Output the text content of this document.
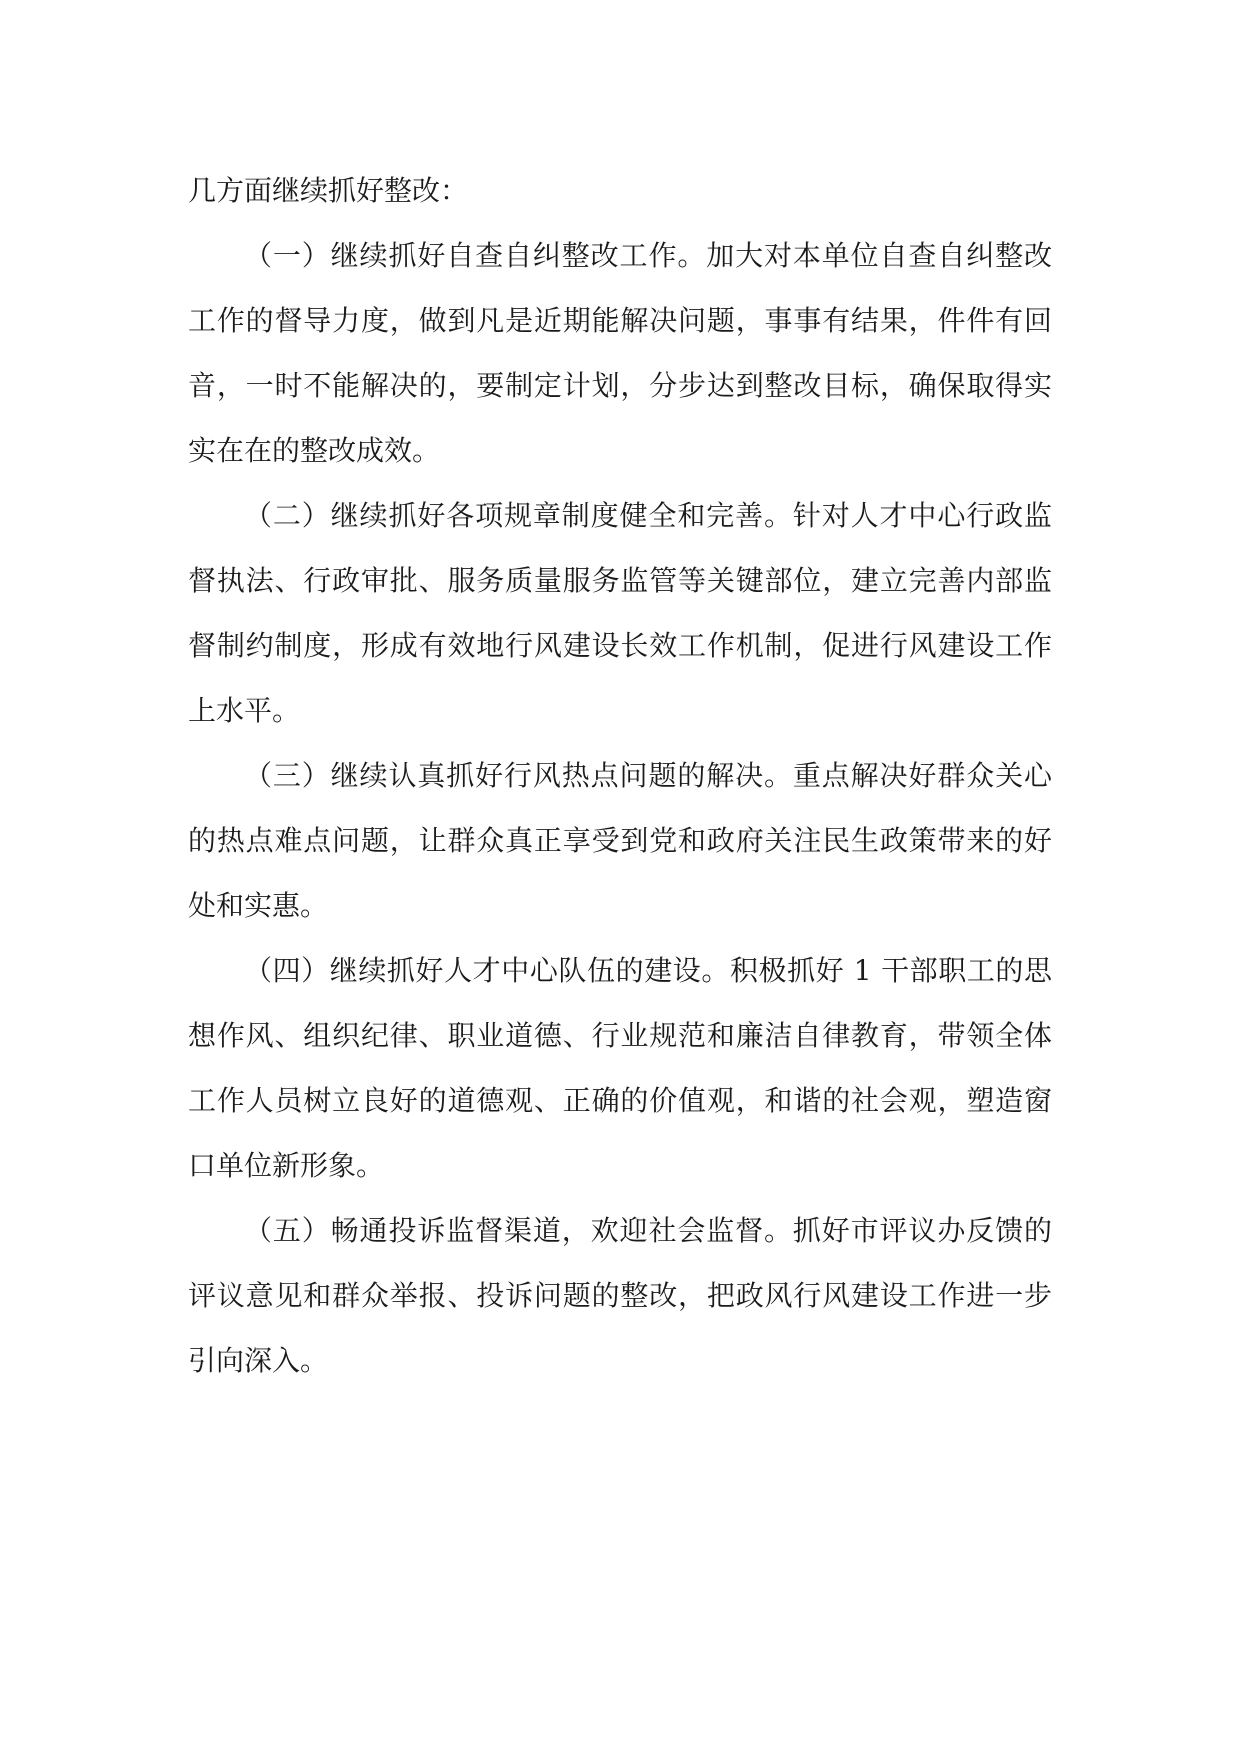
几方面继续抓好整改：

（一）继续抓好自查自纠整改工作。加大对本单位自查自纠整改工作的督导力度，做到凡是近期能解决问题，事事有结果，件件有回音，一时不能解决的，要制定计划，分步达到整改目标，确保取得实实在在的整改成效。

（二）继续抓好各项规章制度健全和完善。针对人才中心行政监督执法、行政审批、服务质量服务监管等关键部位，建立完善内部监督制约制度，形成有效地行风建设长效工作机制，促进行风建设工作上水平。

（三）继续认真抓好行风热点问题的解决。重点解决好群众关心的热点难点问题，让群众真正享受到党和政府关注民生政策带来的好处和实惠。

（四）继续抓好人才中心队伍的建设。积极抓好 1 干部职工的思想作风、组织纪律、职业道德、行业规范和廉洁自律教育，带领全体工作人员树立良好的道德观、正确的价值观，和谐的社会观，塑造窗口单位新形象。

（五）畅通投诉监督渠道，欢迎社会监督。抓好市评议办反馈的评议意见和群众举报、投诉问题的整改，把政风行风建设工作进一步引向深入。
